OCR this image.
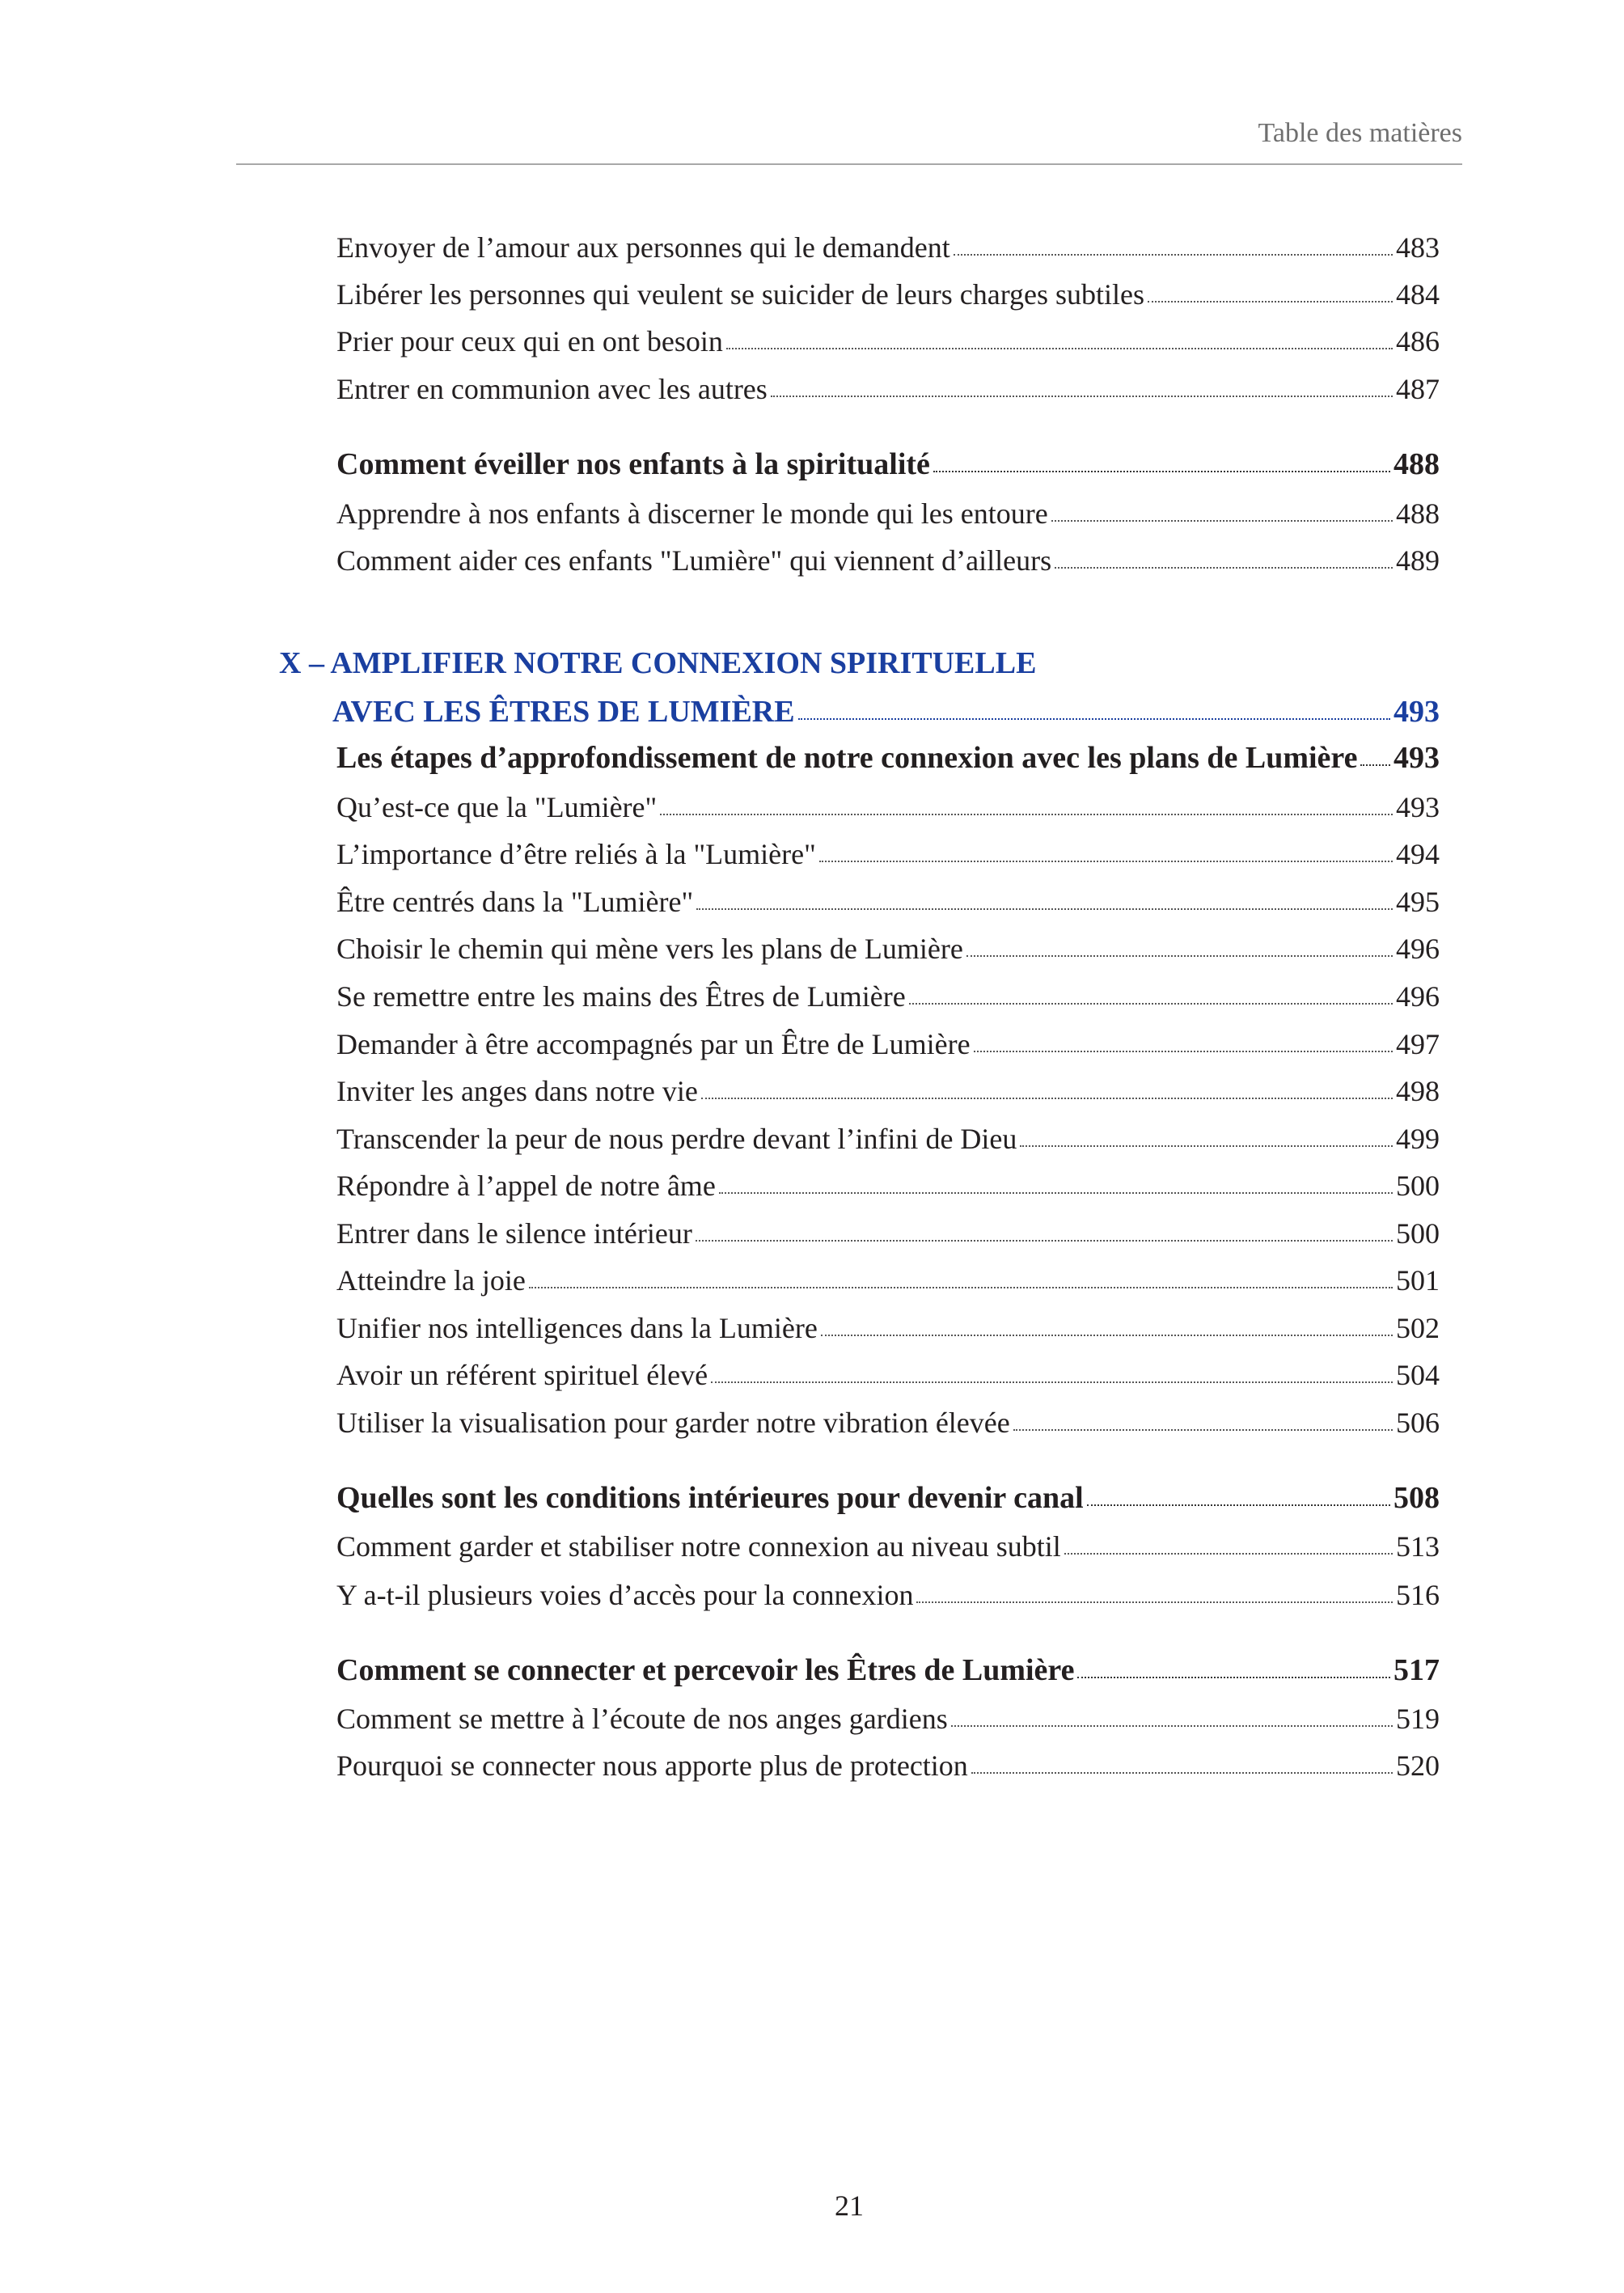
Table des matières
Envoyer de l’amour aux personnes qui le demandent	483
Libérer les personnes qui veulent se suicider de leurs charges subtiles	484
Prier pour ceux qui en ont besoin	486
Entrer en communion avec les autres	487
Comment éveiller nos enfants à la spiritualité	488
Apprendre à nos enfants à discerner le monde qui les entoure	488
Comment aider ces enfants "Lumière" qui viennent d’ailleurs	489
X – AMPLIFIER NOTRE CONNEXION SPIRITUELLE
AVEC LES ÊTRES DE LUMIÈRE	493
Les étapes d’approfondissement de notre connexion avec les plans de Lumière 493
Qu’est-ce que la "Lumière"	493
L’importance d’être reliés à la "Lumière"	494
Être centrés dans la "Lumière"	495
Choisir le chemin qui mène vers les plans de Lumière	496
Se remettre entre les mains des Êtres de Lumière	496
Demander à être accompagnés par un Être de Lumière	497
Inviter les anges dans notre vie	498
Transcender la peur de nous perdre devant l’infini de Dieu	499
Répondre à l’appel de notre âme	500
Entrer dans le silence intérieur	500
Atteindre la joie	501
Unifier nos intelligences dans la Lumière	502
Avoir un référent spirituel élevé	504
Utiliser la visualisation pour garder notre vibration élevée	506
Quelles sont les conditions intérieures pour devenir canal	508
Comment garder et stabiliser notre connexion au niveau subtil	513
Y a-t-il plusieurs voies d’accès pour la connexion	516
Comment se connecter et percevoir les Êtres de Lumière	517
Comment se mettre à l’écoute de nos anges gardiens	519
Pourquoi se connecter nous apporte plus de protection	520
21
